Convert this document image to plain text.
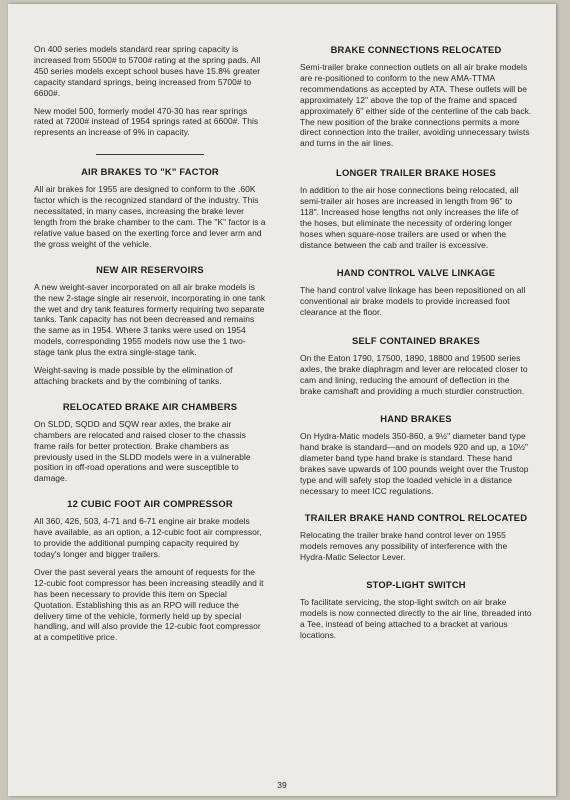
On 400 series models standard rear spring capacity is increased from 5500# to 5700# rating at the spring pads. All 450 series models except school buses have 15.8% greater capacity standard springs, being increased from 5700# to 6600#.

New model 500, formerly model 470-30 has rear springs rated at 7200# instead of 1954 springs rated at 6600#. This represents an increase of 9% in capacity.

AIR BRAKES TO "K" FACTOR

All air brakes for 1955 are designed to conform to the .60K factor which is the recognized standard of the industry. This necessitated, in many cases, increasing the brake lever length from the brake chamber to the cam. The "K" factor is a relative value based on the exerting force and lever arm and the gross weight of the vehicle.

NEW AIR RESERVOIRS

A new weight-saver incorporated on all air brake models is the new 2-stage single air reservoir, incorporating in one tank the wet and dry tank features formerly requiring two separate tanks. Tank capacity has not been decreased and remains the same as in 1954. Where 3 tanks were used on 1954 models, corresponding 1955 models now use the 1 two-stage tank plus the extra single-stage tank.

Weight-saving is made possible by the elimination of attaching brackets and by the combining of tanks.

RELOCATED BRAKE AIR CHAMBERS

On SLDD, SQDD and SQW rear axles, the brake air chambers are relocated and raised closer to the chassis frame rails for better protection. Brake chambers as previously used in the SLDD models were in a vulnerable position in off-road operations and were susceptible to damage.

12 CUBIC FOOT AIR COMPRESSOR

All 360, 426, 503, 4-71 and 6-71 engine air brake models have available, as an option, a 12-cubic foot air compressor, to provide the additional pumping capacity required by today's longer and bigger trailers.

Over the past several years the amount of requests for the 12-cubic foot compressor has been increasing steadily and it has been necessary to provide this item on Special Quotation. Establishing this as an RPO will reduce the delivery time of the vehicle, formerly held up by special handling, and will also provide the 12-cubic foot compressor at a competitive price.

BRAKE CONNECTIONS RELOCATED

Semi-trailer brake connection outlets on all air brake models are re-positioned to conform to the new AMA-TTMA recommendations as accepted by ATA. These outlets will be approximately 12" above the top of the frame and spaced approximately 6" either side of the centerline of the cab back. The new position of the brake connections permits a more direct connection into the trailer, avoiding unnecessary twists and turns in the air lines.

LONGER TRAILER BRAKE HOSES

In addition to the air hose connections being relocated, all semi-trailer air hoses are increased in length from 96" to 118". Increased hose lengths not only increases the life of the hoses, but eliminate the necessity of ordering longer hoses when square-nose trailers are used or when the distance between the cab and trailer is excessive.

HAND CONTROL VALVE LINKAGE

The hand control valve linkage has been repositioned on all conventional air brake models to provide increased foot clearance at the floor.

SELF CONTAINED BRAKES

On the Eaton 1790, 17500, 1890, 18800 and 19500 series axles, the brake diaphragm and lever are relocated closer to cam and lining, reducing the amount of deflection in the brake camshaft and providing a much sturdier construction.

HAND BRAKES

On Hydra-Matic models 350-860, a 9½" diameter band type hand brake is standard—and on models 920 and up, a 10½" diameter band type hand brake is standard. These hand brakes save upwards of 100 pounds weight over the Trustop type and will safely stop the loaded vehicle in a distance necessary to meet ICC regulations.

TRAILER BRAKE HAND CONTROL RELOCATED

Relocating the trailer brake hand control lever on 1955 models removes any possibility of interference with the Hydra-Matic Selector Lever.

STOP-LIGHT SWITCH

To facilitate servicing, the stop-light switch on air brake models is now connected directly to the air line, threaded into a Tee, instead of being attached to a bracket at various locations.

39
